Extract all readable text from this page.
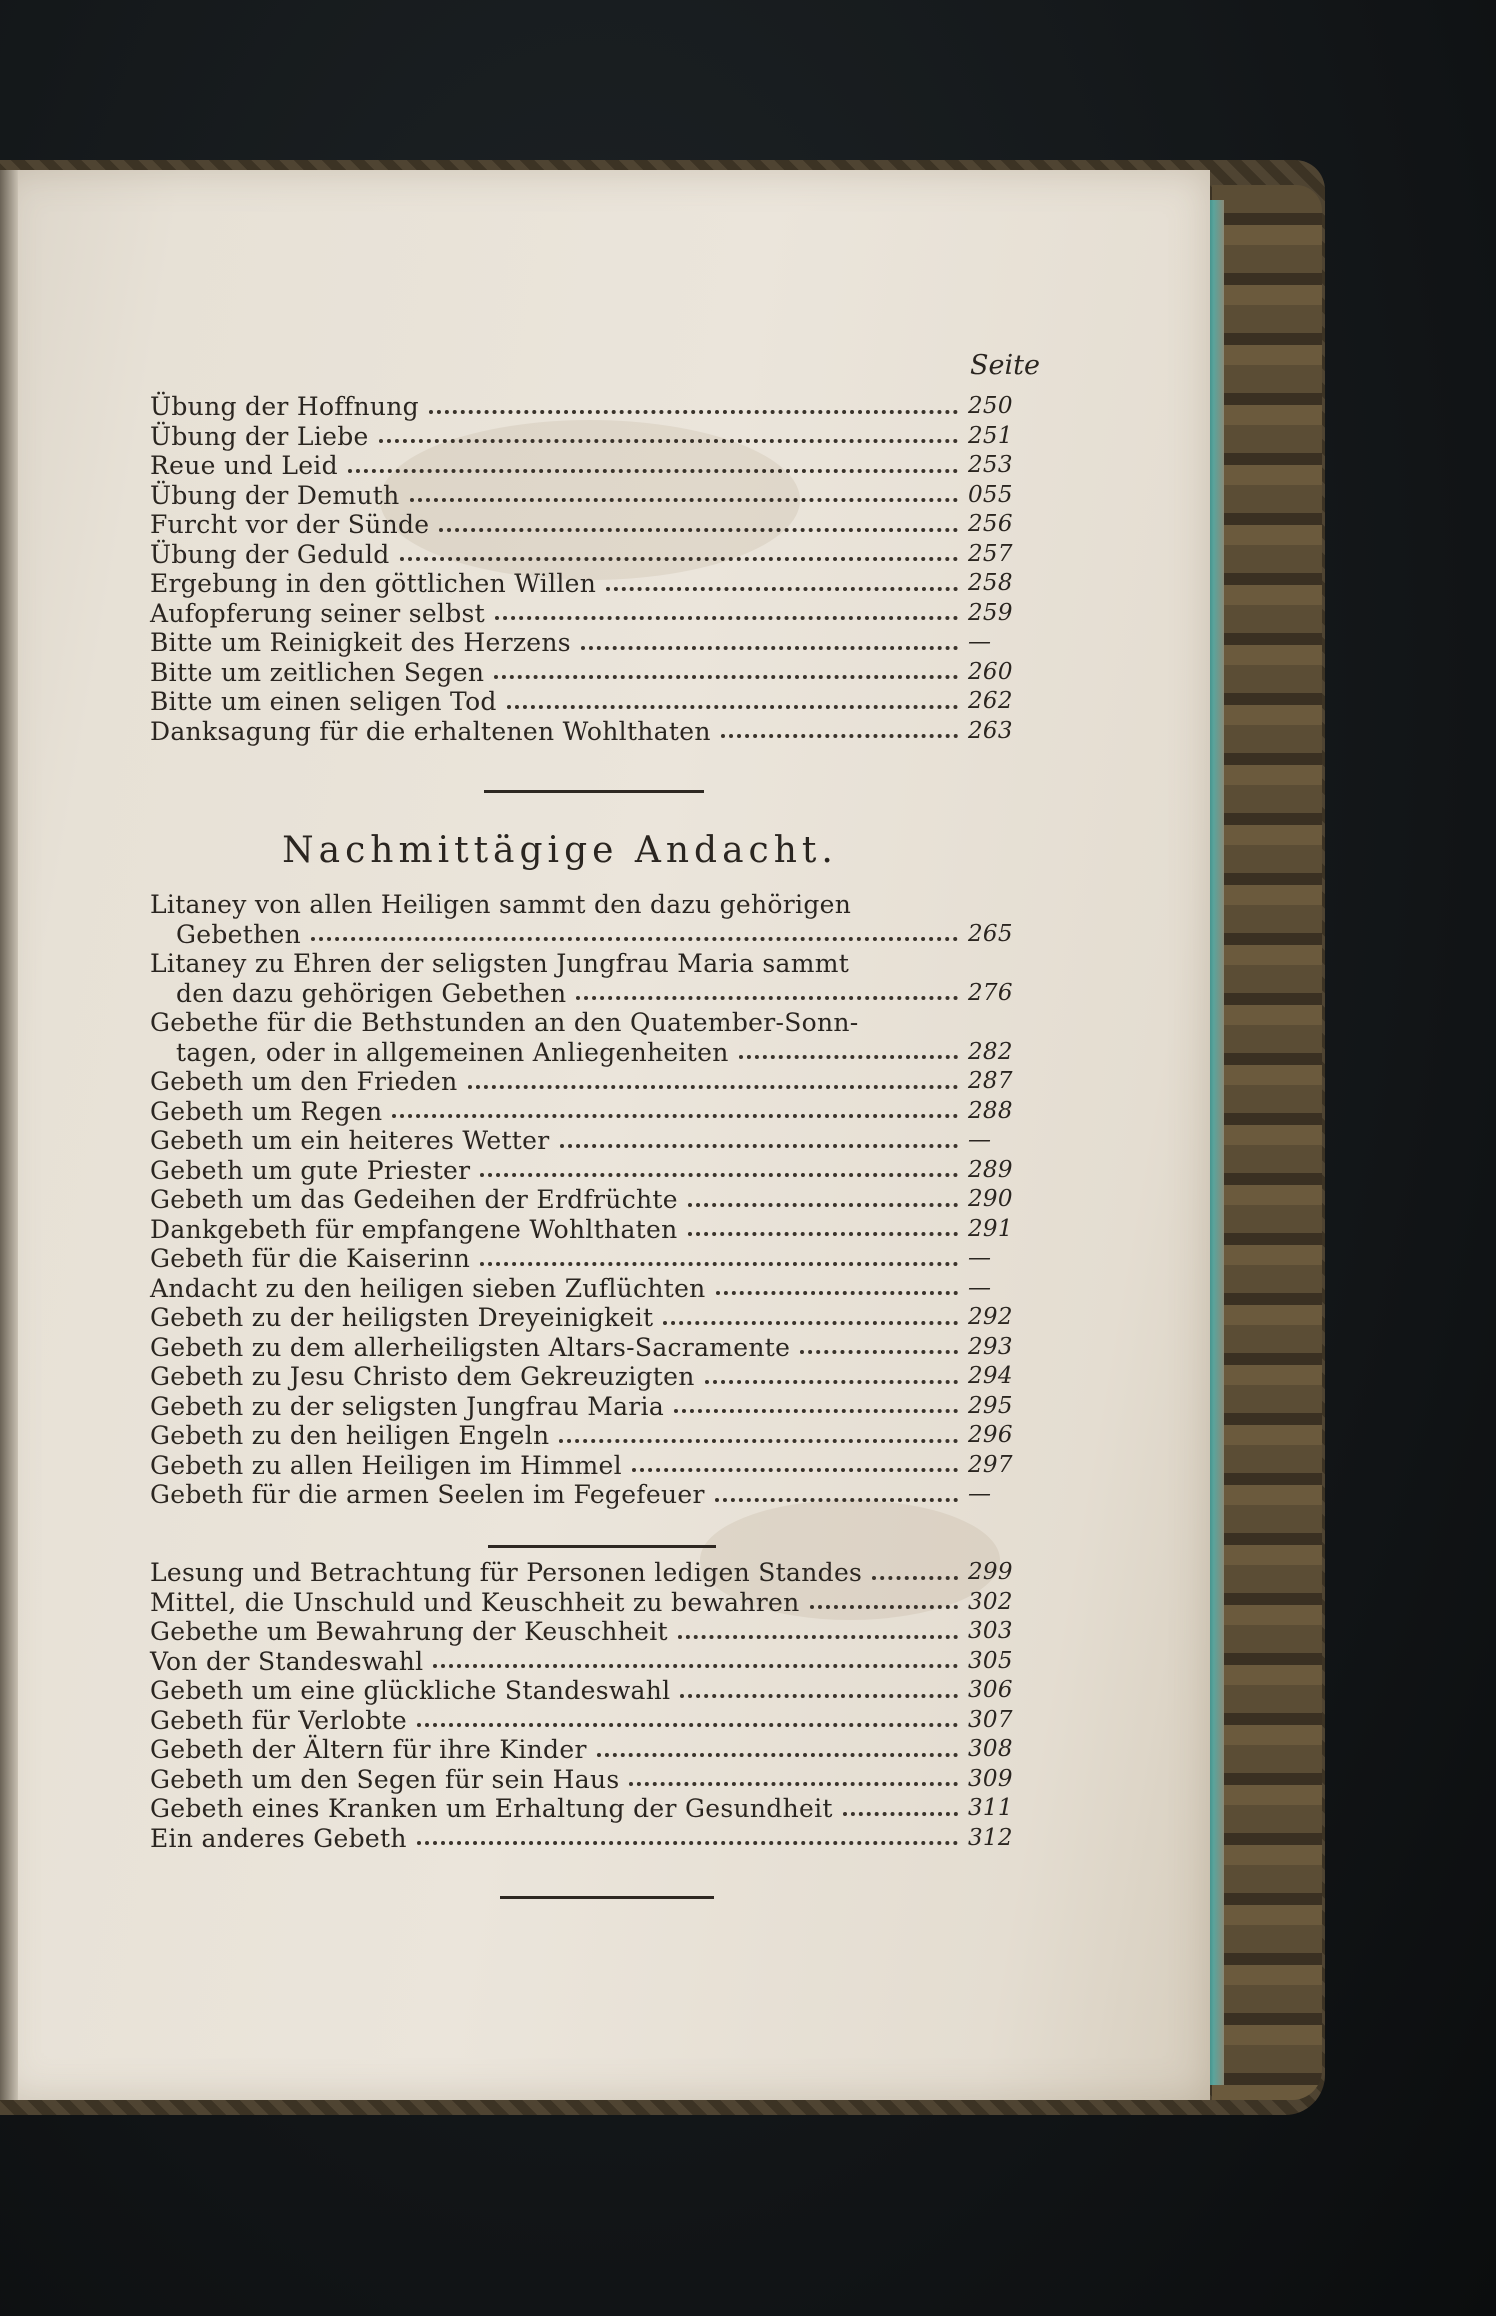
Seite
Übung der Hoffnung	250
Übung der Liebe	251
Reue und Leid	253
Übung der Demuth	055
Furcht vor der Sünde	256
Übung der Geduld	257
Ergebung in den göttlichen Willen	258
Aufopferung seiner selbst	259
Bitte um Reinigkeit des Herzens	—
Bitte um zeitlichen Segen	260
Bitte um einen seligen Tod	262
Danksagung für die erhaltenen Wohlthaten	263
Nachmittägige Andacht.
Litaney von allen Heiligen sammt den dazu gehörigen
Gebethen	265
Litaney zu Ehren der seligsten Jungfrau Maria sammt
den dazu gehörigen Gebethen	276
Gebethe für die Bethstunden an den Quatember-Sonn-
tagen, oder in allgemeinen Anliegenheiten	282
Gebeth um den Frieden	287
Gebeth um Regen	288
Gebeth um ein heiteres Wetter	—
Gebeth um gute Priester	289
Gebeth um das Gedeihen der Erdfrüchte	290
Dankgebeth für empfangene Wohlthaten	291
Gebeth für die Kaiserinn	—
Andacht zu den heiligen sieben Zuflüchten	—
Gebeth zu der heiligsten Dreyeinigkeit	292
Gebeth zu dem allerheiligsten Altars-Sacramente	293
Gebeth zu Jesu Christo dem Gekreuzigten	294
Gebeth zu der seligsten Jungfrau Maria	295
Gebeth zu den heiligen Engeln	296
Gebeth zu allen Heiligen im Himmel	297
Gebeth für die armen Seelen im Fegefeuer	—
Lesung und Betrachtung für Personen ledigen Standes	299
Mittel, die Unschuld und Keuschheit zu bewahren	302
Gebethe um Bewahrung der Keuschheit	303
Von der Standeswahl	305
Gebeth um eine glückliche Standeswahl	306
Gebeth für Verlobte	307
Gebeth der Ältern für ihre Kinder	308
Gebeth um den Segen für sein Haus	309
Gebeth eines Kranken um Erhaltung der Gesundheit	311
Ein anderes Gebeth	312
